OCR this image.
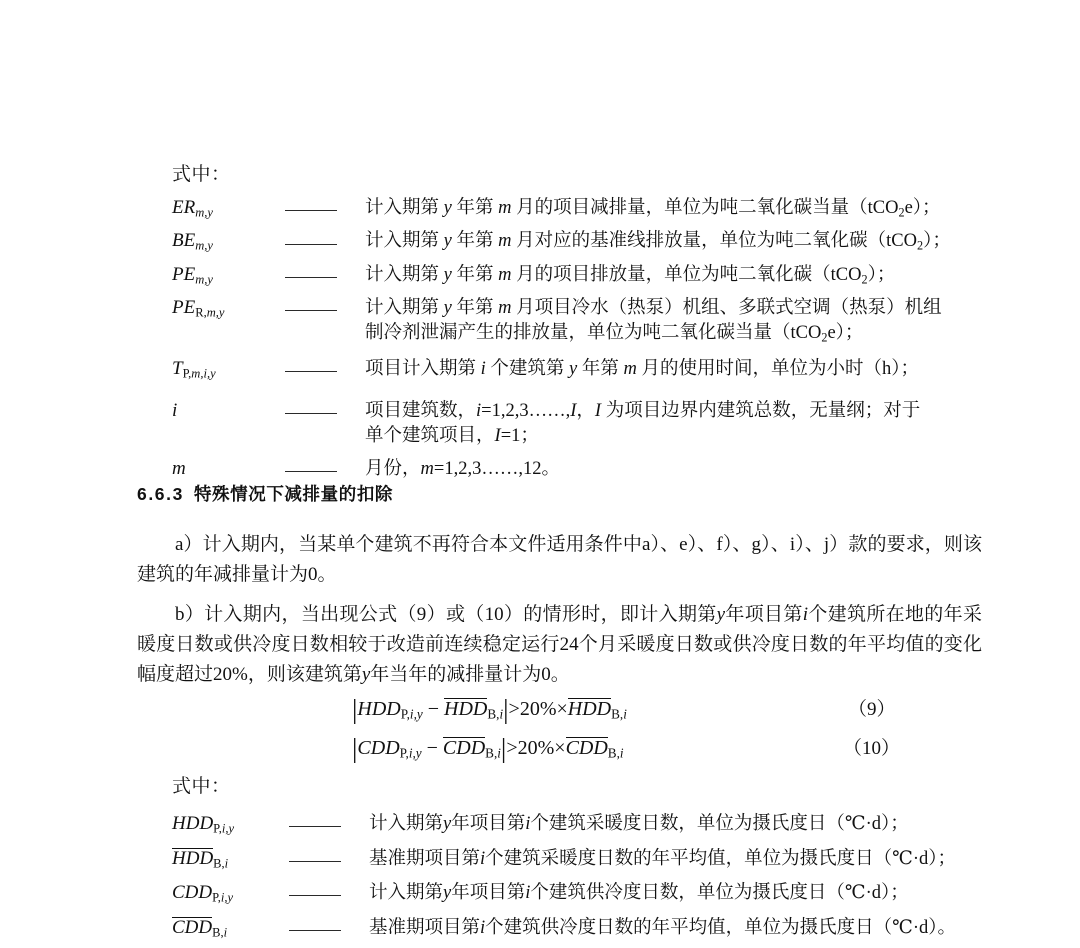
式中：
$ER_{m,y}$	计入期第 y 年第 m 月的项目减排量，单位为吨二氧化碳当量（tCO2e）；
$BE_{m,y}$	计入期第 y 年第 m 月对应的基准线排放量，单位为吨二氧化碳（tCO2）；
$PE_{m,y}$	计入期第 y 年第 m 月的项目排放量，单位为吨二氧化碳（tCO2）；
$PER,_{m,y}$	计入期第 y 年第 m 月项目冷水（热泵）机组、多联式空调（热泵）机组
制冷剂泄漏产生的排放量，单位为吨二氧化碳当量（tCO2e）；
$TP,_{m,i,y}$	项目计入期第 i 个建筑第 y 年第 m 月的使用时间，单位为小时（h）；
i	项目建筑数，i=1,2,3……,I，I 为项目边界内建筑总数，无量纲；对于
单个建筑项目，I=1；
m	月份，m=1,2,3……,12。
6.6.3 特殊情况下减排量的扣除
a）计入期内，当某单个建筑不再符合本文件适用条件中a）、e）、f）、g）、i）、j）款的要求，则该建筑的年减排量计为0。
b）计入期内，当出现公式（9）或（10）的情形时，即计入期第y年项目第i个建筑所在地的年采暖度日数或供冷度日数相较于改造前连续稳定运行24个月采暖度日数或供冷度日数的年平均值的变化幅度超过20%，则该建筑第y年当年的减排量计为0。
$|HDDP,_{i,y}$ − $HDDB,_i|>20\%\times HDDB,_i$	（9）
$|CDDP,_{i,y}$ − $CDDB,_i|>20\%\times CDDB,_i$	（10）
式中：
$HDDP,_{i,y}$	计入期第y年项目第i个建筑采暖度日数，单位为摄氏度日（℃·d）；
$HDDB,_i$	基准期项目第i个建筑采暖度日数的年平均值，单位为摄氏度日（℃·d）；
$CDDP,_{i,y}$	计入期第y年项目第i个建筑供冷度日数，单位为摄氏度日（℃·d）；
$CDDB,_i$	基准期项目第i个建筑供冷度日数的年平均值，单位为摄氏度日（℃·d）。
